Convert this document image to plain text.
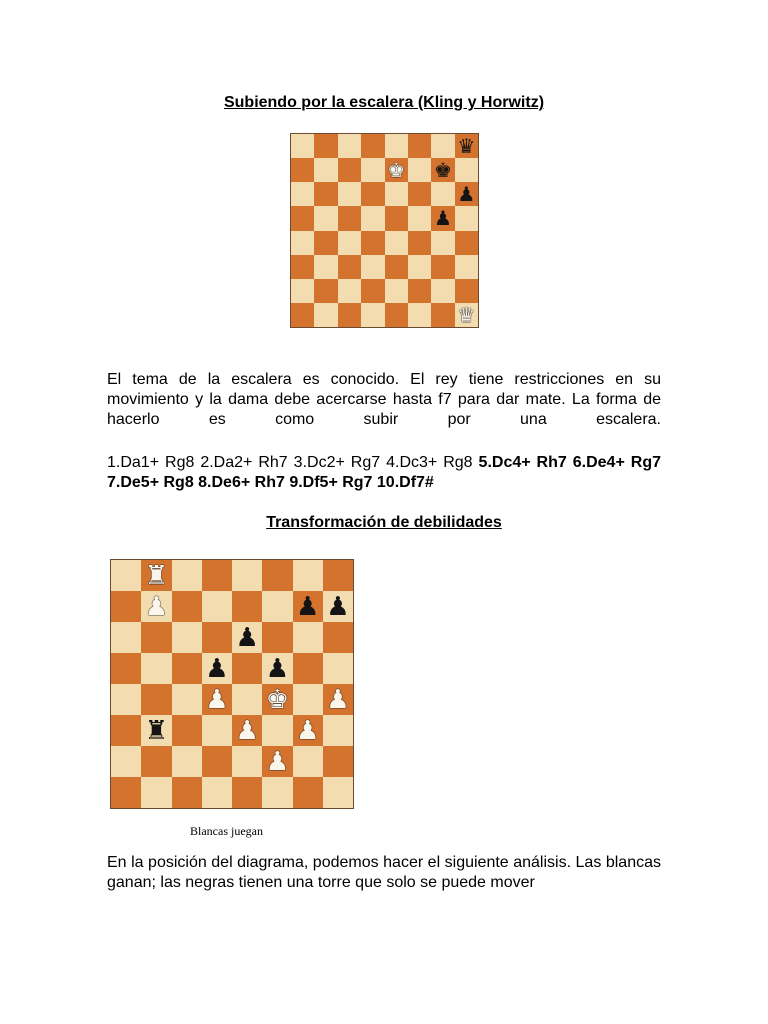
Subiendo por la escalera (Kling y Horwitz)
♛
♚ ♚
♟
♟
♛

El tema de la escalera es conocido. El rey tiene restricciones en su movimiento y la dama debe acercarse hasta f7 para dar mate. La forma de hacerlo es como subir por una escalera.

1.Da1+ Rg8 2.Da2+ Rh7 3.Dc2+ Rg7 4.Dc3+ Rg8 5.Dc4+ Rh7 6.De4+ Rg7 7.De5+ Rg8 8.De6+ Rh7 9.Df5+ Rg7 10.Df7#

Transformación de debilidades
♜
♟	♟ ♟
♟
♟ ♟
♟ ♚ ♟
♜	♟ ♟
♟

Blancas juegan

En la posición del diagrama, podemos hacer el siguiente análisis. Las blancas ganan; las negras tienen una torre que solo se puede mover
